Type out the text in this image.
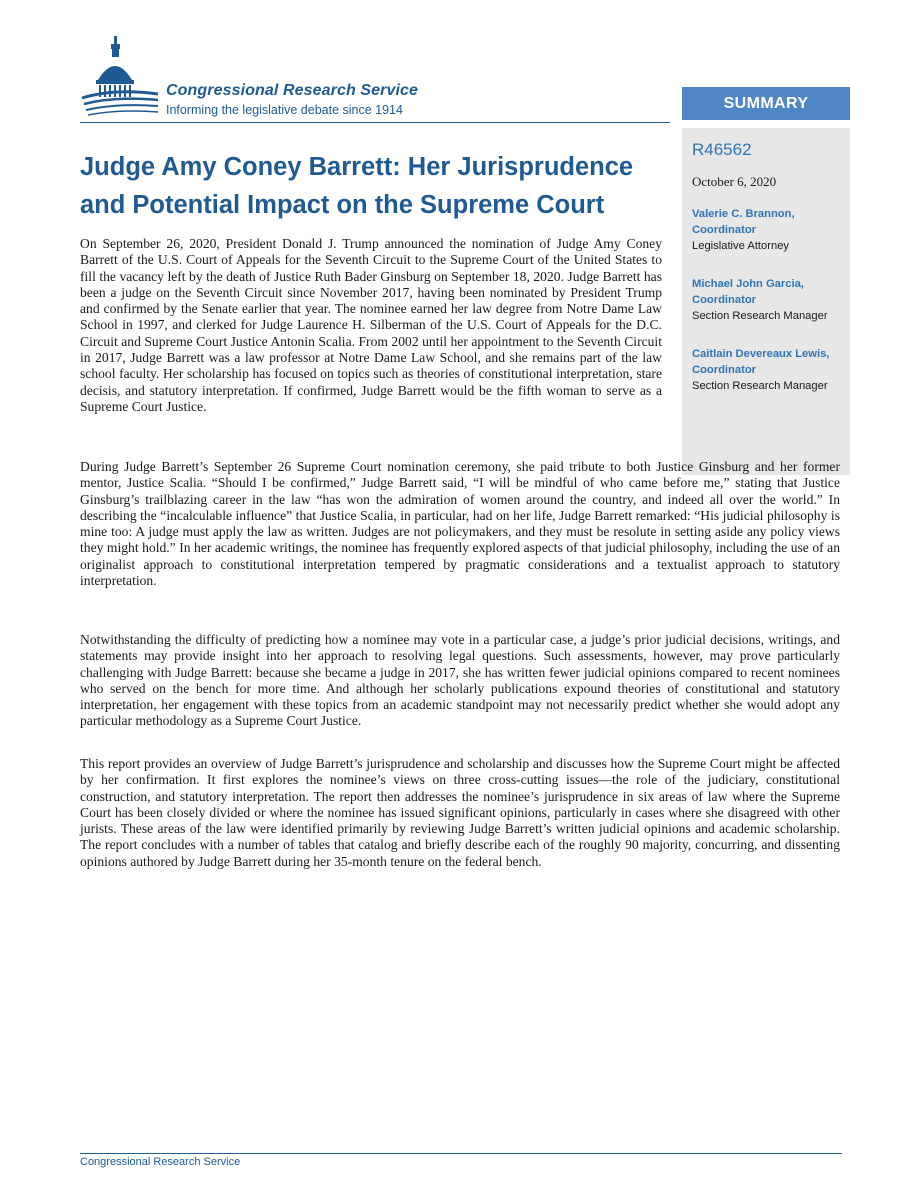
Congressional Research Service
Informing the legislative debate since 1914	SUMMARY
R46562
October 6, 2020
Valerie C. Brannon,
Coordinator
Legislative Attorney
Michael John Garcia,
Coordinator
Section Research Manager
Caitlain Devereaux Lewis,
Coordinator
Section Research Manager
Judge Amy Coney Barrett: Her Jurisprudence and Potential Impact on the Supreme Court

On September 26, 2020, President Donald J. Trump announced the nomination of Judge Amy Coney Barrett of the U.S. Court of Appeals for the Seventh Circuit to the Supreme Court of the United States to fill the vacancy left by the death of Justice Ruth Bader Ginsburg on September 18, 2020. Judge Barrett has been a judge on the Seventh Circuit since November 2017, having been nominated by President Trump and confirmed by the Senate earlier that year. The nominee earned her law degree from Notre Dame Law School in 1997, and clerked for Judge Laurence H. Silberman of the U.S. Court of Appeals for the D.C. Circuit and Supreme Court Justice Antonin Scalia. From 2002 until her appointment to the Seventh Circuit in 2017, Judge Barrett was a law professor at Notre Dame Law School, and she remains part of the law school faculty. Her scholarship has focused on topics such as theories of constitutional interpretation, stare decisis, and statutory interpretation. If confirmed, Judge Barrett would be the fifth woman to serve as a Supreme Court Justice.

During Judge Barrett’s September 26 Supreme Court nomination ceremony, she paid tribute to both Justice Ginsburg and her former mentor, Justice Scalia. “Should I be confirmed,” Judge Barrett said, “I will be mindful of who came before me,” stating that Justice Ginsburg’s trailblazing career in the law “has won the admiration of women around the country, and indeed all over the world.” In describing the “incalculable influence” that Justice Scalia, in particular, had on her life, Judge Barrett remarked: “His judicial philosophy is mine too: A judge must apply the law as written. Judges are not policymakers, and they must be resolute in setting aside any policy views they might hold.” In her academic writings, the nominee has frequently explored aspects of that judicial philosophy, including the use of an originalist approach to constitutional interpretation tempered by pragmatic considerations and a textualist approach to statutory interpretation.

Notwithstanding the difficulty of predicting how a nominee may vote in a particular case, a judge’s prior judicial decisions, writings, and statements may provide insight into her approach to resolving legal questions. Such assessments, however, may prove particularly challenging with Judge Barrett: because she became a judge in 2017, she has written fewer judicial opinions compared to recent nominees who served on the bench for more time. And although her scholarly publications expound theories of constitutional and statutory interpretation, her engagement with these topics from an academic standpoint may not necessarily predict whether she would adopt any particular methodology as a Supreme Court Justice.

This report provides an overview of Judge Barrett’s jurisprudence and scholarship and discusses how the Supreme Court might be affected by her confirmation. It first explores the nominee’s views on three cross-cutting issues—the role of the judiciary, constitutional construction, and statutory interpretation. The report then addresses the nominee’s jurisprudence in six areas of law where the Supreme Court has been closely divided or where the nominee has issued significant opinions, particularly in cases where she disagreed with other jurists. These areas of the law were identified primarily by reviewing Judge Barrett’s written judicial opinions and academic scholarship. The report concludes with a number of tables that catalog and briefly describe each of the roughly 90 majority, concurring, and dissenting opinions authored by Judge Barrett during her 35-month tenure on the federal bench.

Congressional Research Service
